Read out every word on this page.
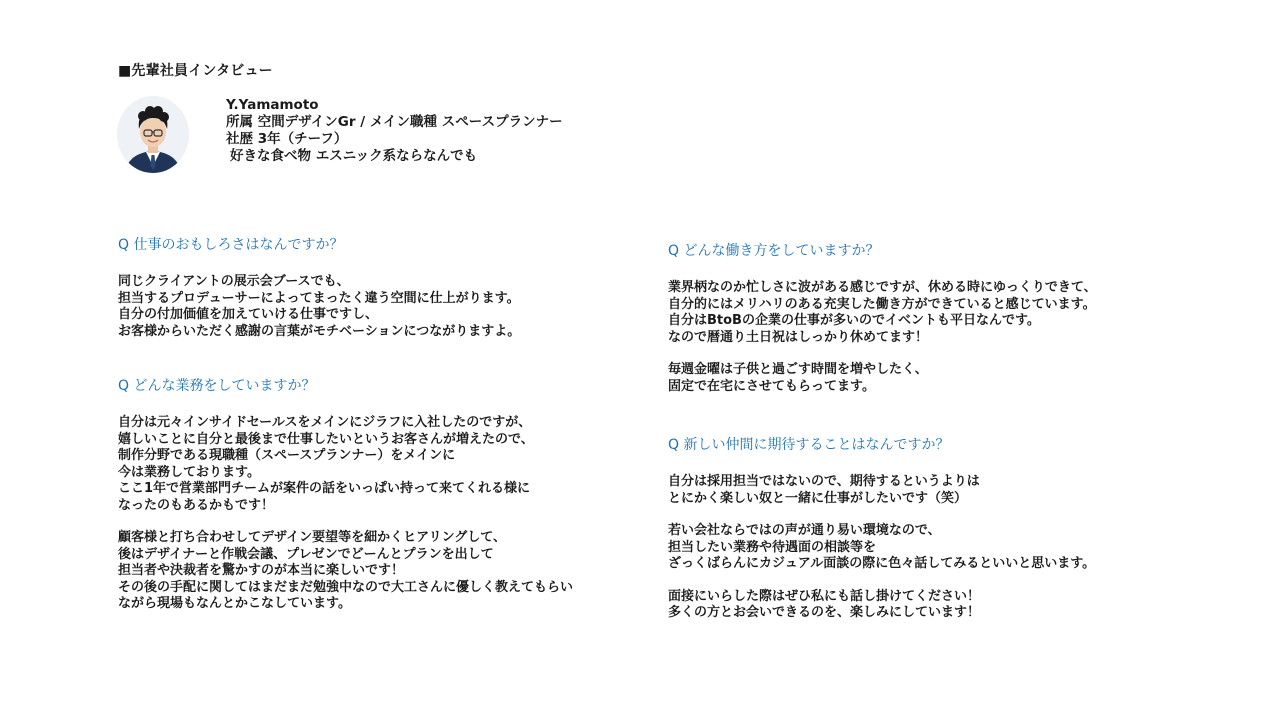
■先輩社員インタビュー
Y.Yamamoto
所属 空間デザインGr / メイン職種 スペースプランナー
社歴 3年（チーフ）
好きな食べ物 エスニック系ならなんでも
Q 仕事のおもしろさはなんですか？
同じクライアントの展示会ブースでも、
担当するプロデューサーによってまったく違う空間に仕上がります。
自分の付加価値を加えていける仕事ですし、
お客様からいただく感謝の言葉がモチベーションにつながりますよ。
Q どんな業務をしていますか？
自分は元々インサイドセールスをメインにジラフに入社したのですが、
嬉しいことに自分と最後まで仕事したいというお客さんが増えたので、
制作分野である現職種（スペースプランナー）をメインに
今は業務しております。
ここ1年で営業部門チームが案件の話をいっぱい持って来てくれる様に
なったのもあるかもです！
顧客様と打ち合わせしてデザイン要望等を細かくヒアリングして、
後はデザイナーと作戦会議、プレゼンでどーんとプランを出して
担当者や決裁者を驚かすのが本当に楽しいです！
その後の手配に関してはまだまだ勉強中なので大工さんに優しく教えてもらい
ながら現場もなんとかこなしています。
Q どんな働き方をしていますか？
業界柄なのか忙しさに波がある感じですが、休める時にゆっくりできて、
自分的にはメリハリのある充実した働き方ができていると感じています。
自分はBtoBの企業の仕事が多いのでイベントも平日なんです。
なので暦通り土日祝はしっかり休めてます！
毎週金曜は子供と過ごす時間を増やしたく、
固定で在宅にさせてもらってます。
Q 新しい仲間に期待することはなんですか？
自分は採用担当ではないので、期待するというよりは
とにかく楽しい奴と一緒に仕事がしたいです（笑）
若い会社ならではの声が通り易い環境なので、
担当したい業務や待遇面の相談等を
ざっくばらんにカジュアル面談の際に色々話してみるといいと思います。
面接にいらした際はぜひ私にも話し掛けてください！
多くの方とお会いできるのを、楽しみにしています！
